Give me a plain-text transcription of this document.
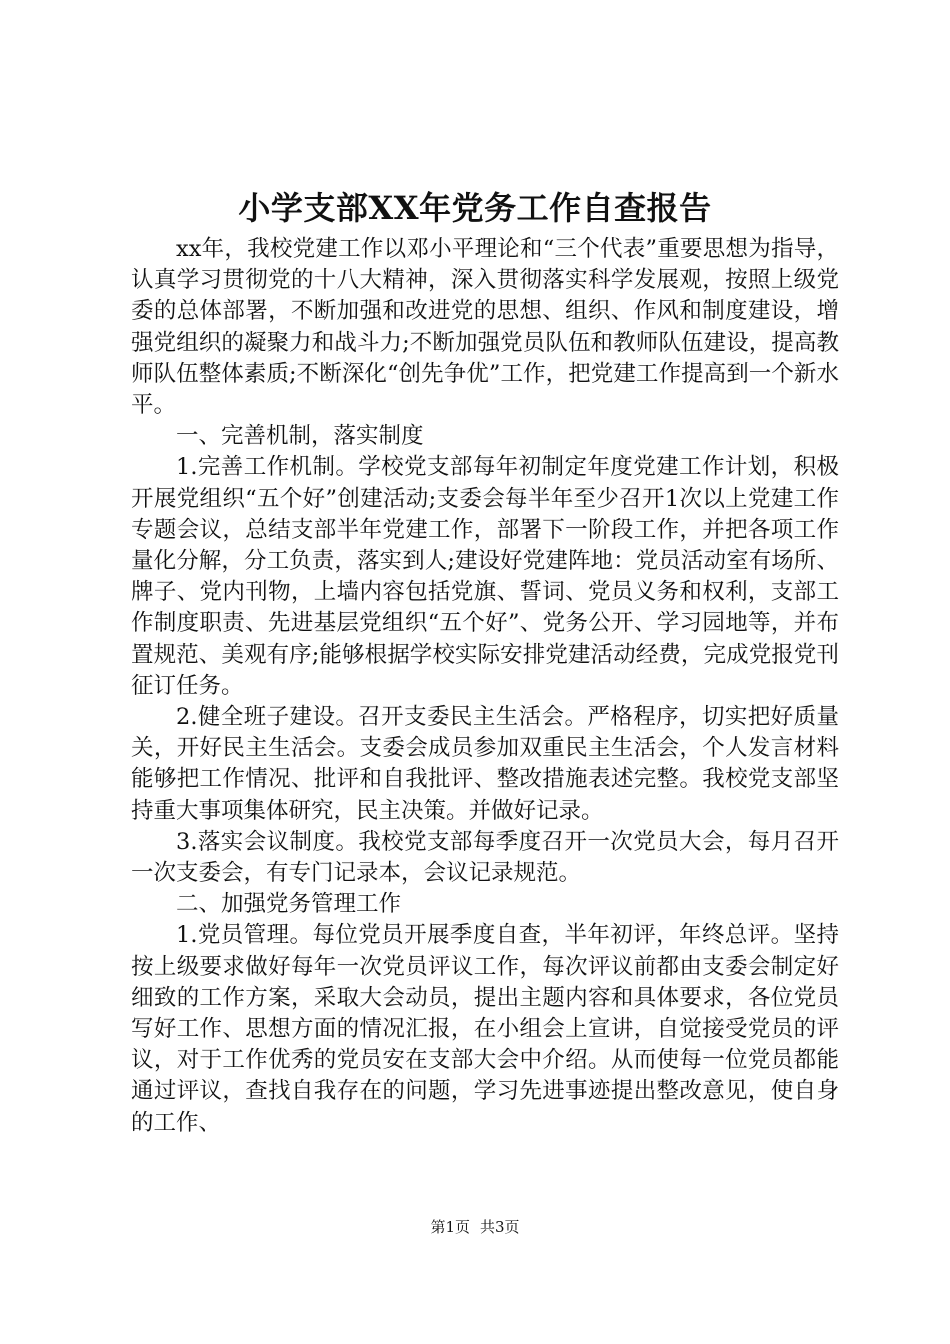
小学支部XX年党务工作自查报告

xx年，我校党建工作以邓小平理论和“三个代表”重要思想为指导，认真学习贯彻党的十八大精神，深入贯彻落实科学发展观，按照上级党委的总体部署，不断加强和改进党的思想、组织、作风和制度建设，增强党组织的凝聚力和战斗力;不断加强党员队伍和教师队伍建设，提高教师队伍整体素质;不断深化“创先争优”工作，把党建工作提高到一个新水平。

一、完善机制，落实制度

1.完善工作机制。学校党支部每年初制定年度党建工作计划，积极开展党组织“五个好”创建活动;支委会每半年至少召开1次以上党建工作专题会议，总结支部半年党建工作，部署下一阶段工作，并把各项工作量化分解，分工负责，落实到人;建设好党建阵地：党员活动室有场所、牌子、党内刊物，上墙内容包括党旗、誓词、党员义务和权利，支部工作制度职责、先进基层党组织“五个好”、党务公开、学习园地等，并布置规范、美观有序;能够根据学校实际安排党建活动经费，完成党报党刊征订任务。

2.健全班子建设。召开支委民主生活会。严格程序，切实把好质量关，开好民主生活会。支委会成员参加双重民主生活会，个人发言材料能够把工作情况、批评和自我批评、整改措施表述完整。我校党支部坚持重大事项集体研究，民主决策。并做好记录。

3.落实会议制度。我校党支部每季度召开一次党员大会，每月召开一次支委会，有专门记录本，会议记录规范。

二、加强党务管理工作

1.党员管理。每位党员开展季度自查，半年初评，年终总评。坚持按上级要求做好每年一次党员评议工作，每次评议前都由支委会制定好细致的工作方案，采取大会动员，提出主题内容和具体要求，各位党员写好工作、思想方面的情况汇报，在小组会上宣讲，自觉接受党员的评议，对于工作优秀的党员安在支部大会中介绍。从而使每一位党员都能通过评议，查找自我存在的问题，学习先进事迹提出整改意见，使自身的工作、

第1页 共3页
